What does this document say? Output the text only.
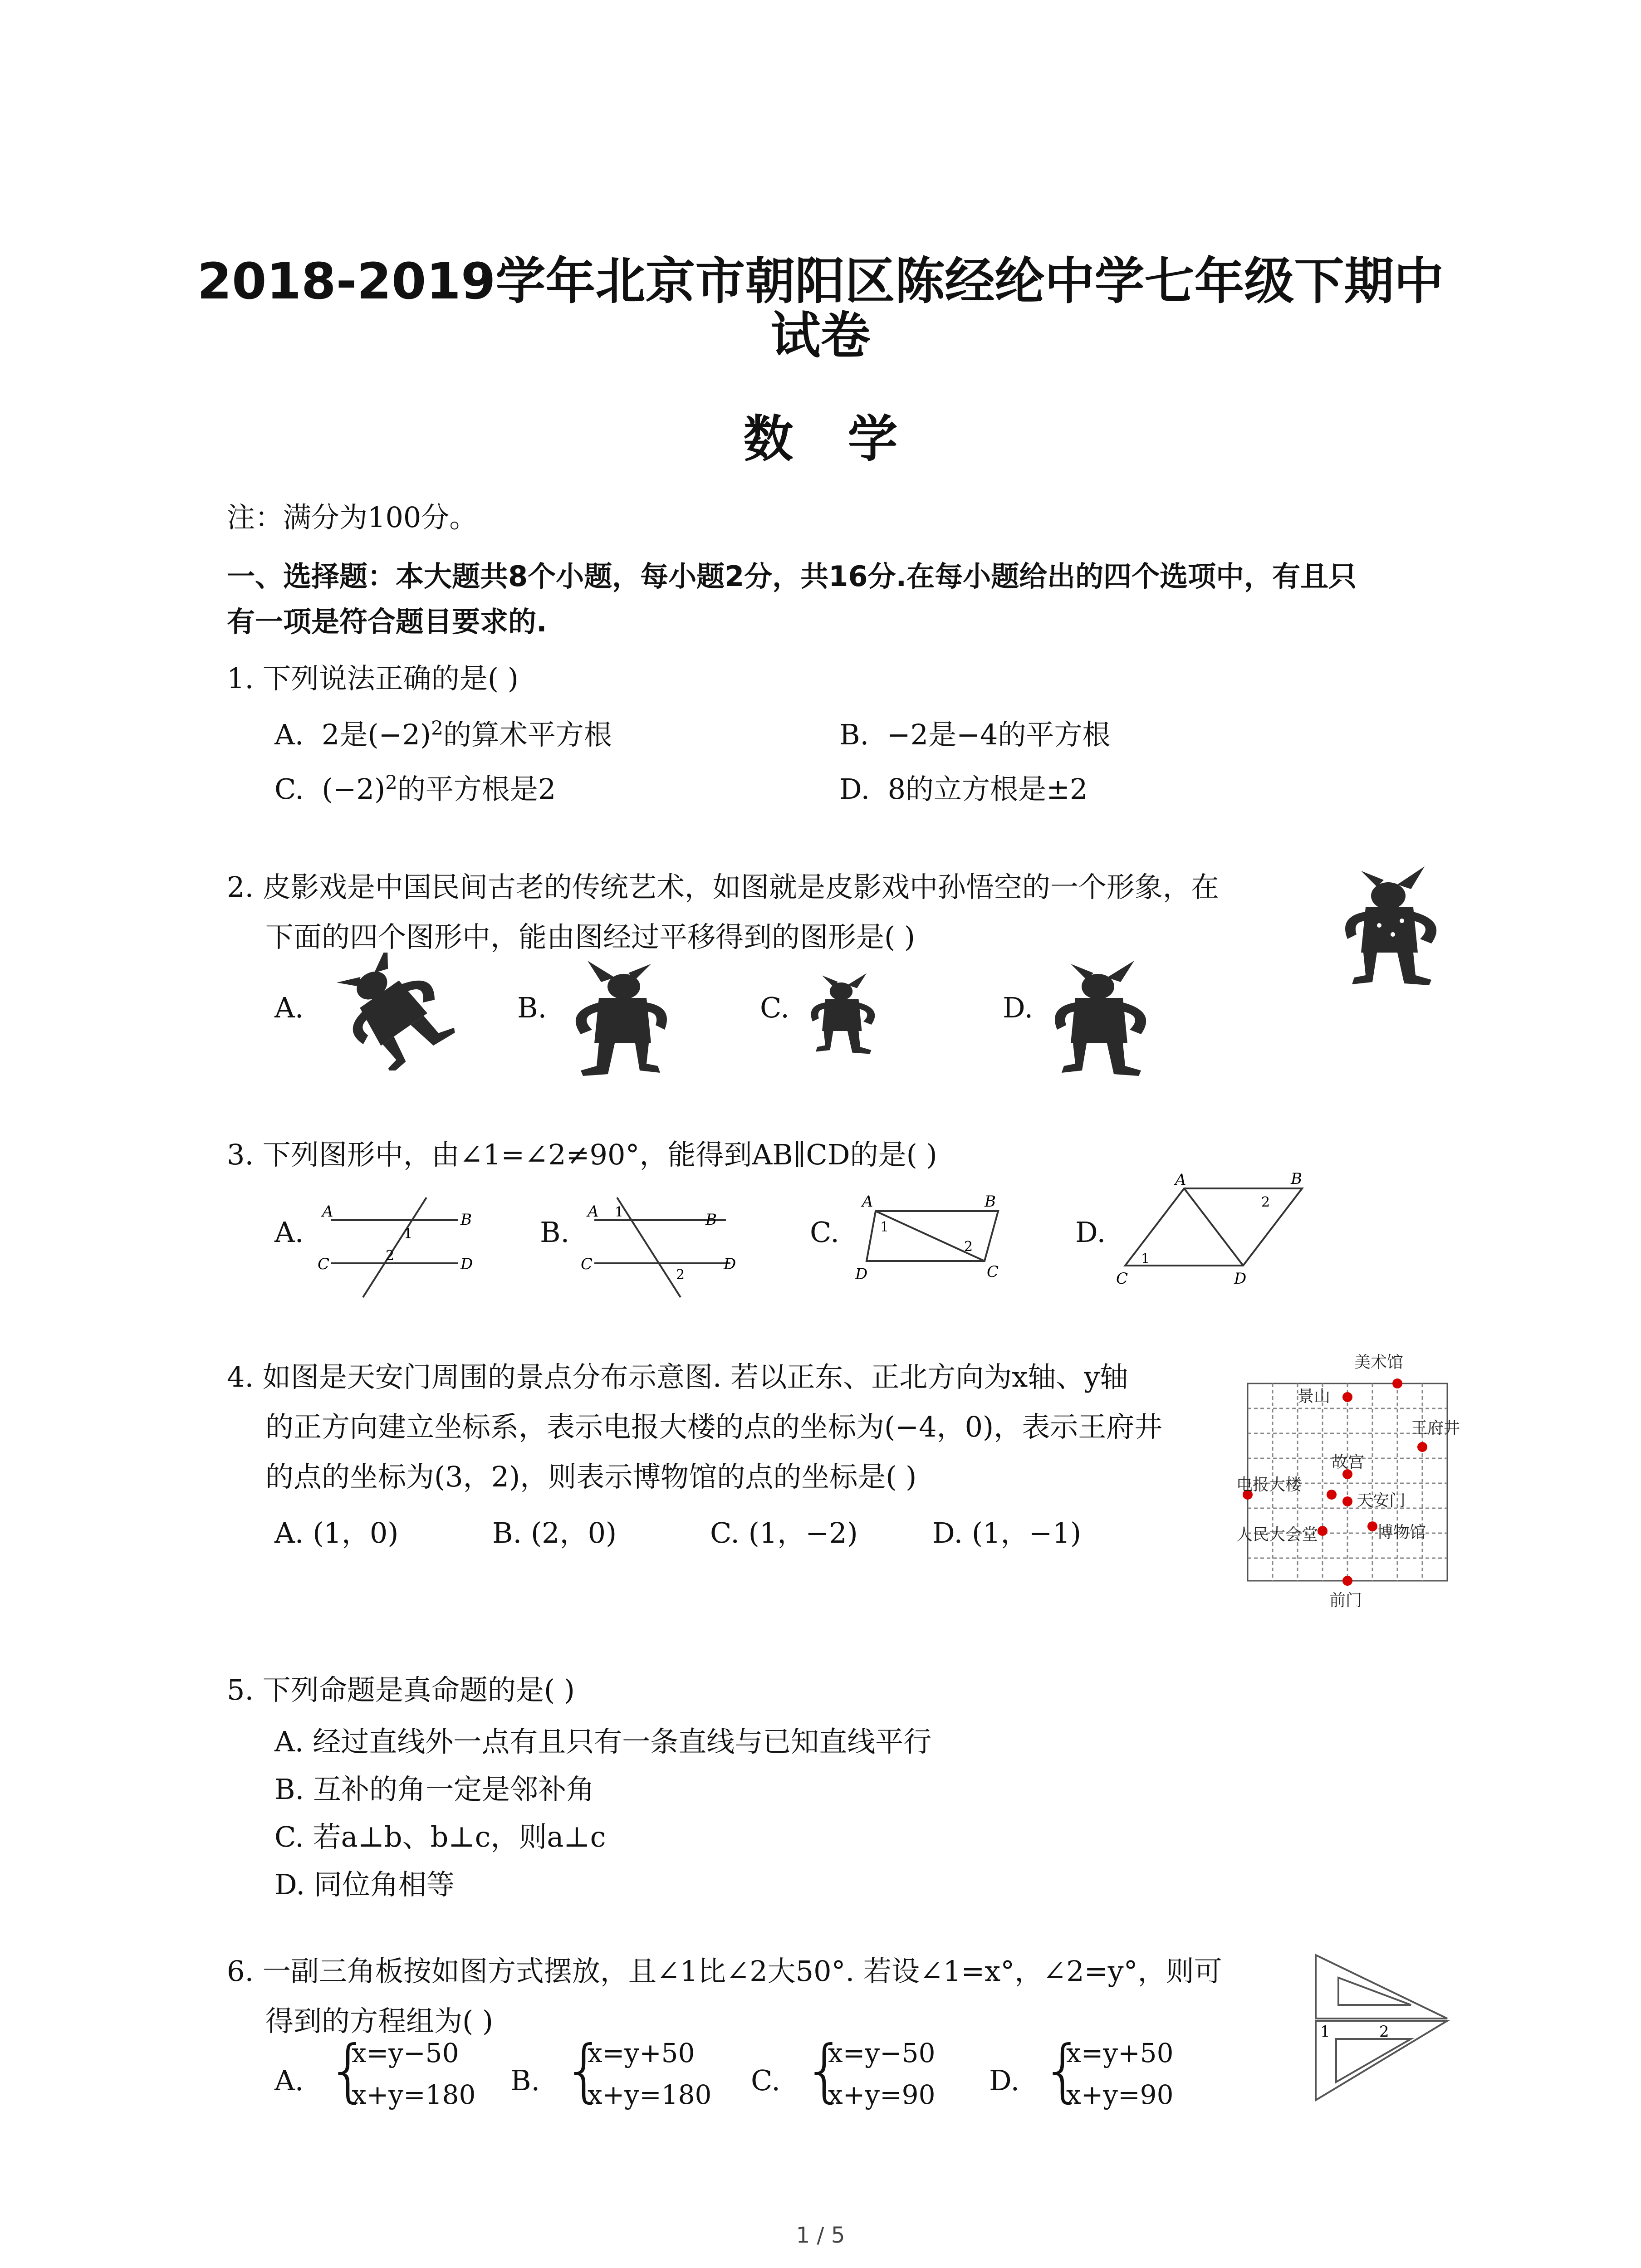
2018-2019学年北京市朝阳区陈经纶中学七年级下期中
试卷
数学
注：满分为100分。
一、选择题：本大题共8个小题，每小题2分，共16分.在每小题给出的四个选项中，有且只
有一项是符合题目要求的.
1. 下列说法正确的是( )
A. 2是$(-2)^2$的算术平方根	B. −2是−4的平方根
C. $(-2)^2$的平方根是2	D. 8的立方根是±2
2. 皮影戏是中国民间古老的传统艺术，如图就是皮影戏中孙悟空的一个形象，在
下面的四个图形中，能由图经过平移得到的图形是( )
A.	B.	C.	D.
3. 下列图形中，由∠1=∠2≠90°，能得到AB∥CD的是( )
A.
A	B
C	D
1
2
B.
A	B
C	D
1
2
C.
A	B
D	C
1
2	D.
A	B
C	D
1
2
4. 如图是天安门周围的景点分布示意图. 若以正东、正北方向为x轴、y轴
的正方向建立坐标系，表示电报大楼的点的坐标为(−4，0)，表示王府井
的点的坐标为(3，2)，则表示博物馆的点的坐标是( )
A. (1，0)	B. (2，0)	C. (1，−2)	D. (1，−1)
美术馆
景山
王府井
故宫
电报大楼
天安门
人民大会堂	博物馆
前门
5. 下列命题是真命题的是( )
A. 经过直线外一点有且只有一条直线与已知直线平行
B. 互补的角一定是邻补角
C. 若a⊥b、b⊥c，则a⊥c
D. 同位角相等
6. 一副三角板按如图方式摆放，且∠1比∠2大50°. 若设∠1=x°，∠2=y°，则可
得到的方程组为( )	1	2
A. {
x=y−50
x+y=180 B. {
x=y+50
x+y=180 C. {
x=y−50
x+y=90 D. {
x=y+50
x+y=90
1 / 5
